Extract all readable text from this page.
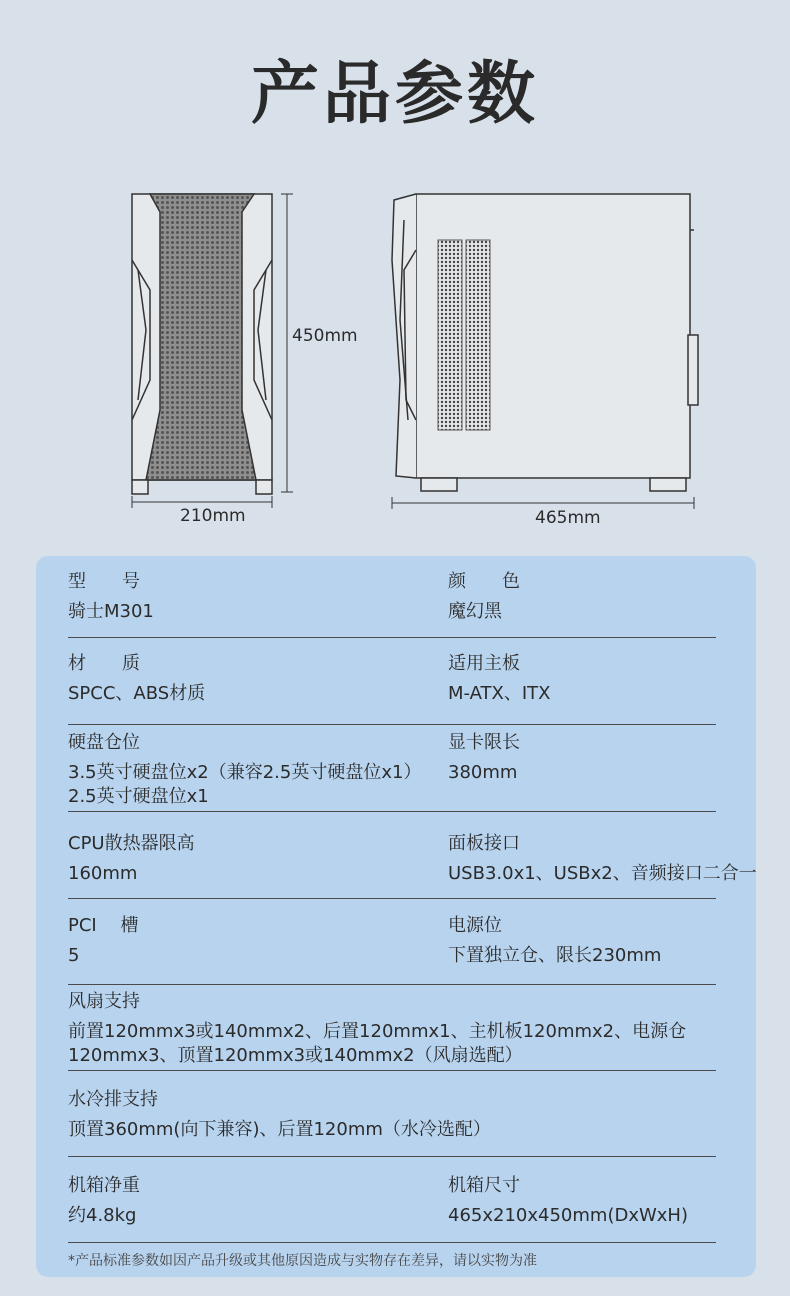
产品参数
450mm
210mm	465mm
型　　号
骑士M301
颜　　色
魔幻黑
材　　质
SPCC、ABS材质
适用主板
M-ATX、ITX
硬盘仓位
3.5英寸硬盘位x2（兼容2.5英寸硬盘位x1）
2.5英寸硬盘位x1
显卡限长
380mm
CPU散热器限高
160mm
面板接口
USB3.0x1、USBx2、音频接口二合一
PCI　 槽
5
电源位
下置独立仓、限长230mm
风扇支持
前置120mmx3或140mmx2、后置120mmx1、主机板120mmx2、电源仓120mmx3、顶置120mmx3或140mmx2（风扇选配）
水冷排支持
顶置360mm(向下兼容)、后置120mm（水冷选配）
机箱净重
约4.8kg
机箱尺寸
465x210x450mm(DxWxH)
*产品标准参数如因产品升级或其他原因造成与实物存在差异，请以实物为准
